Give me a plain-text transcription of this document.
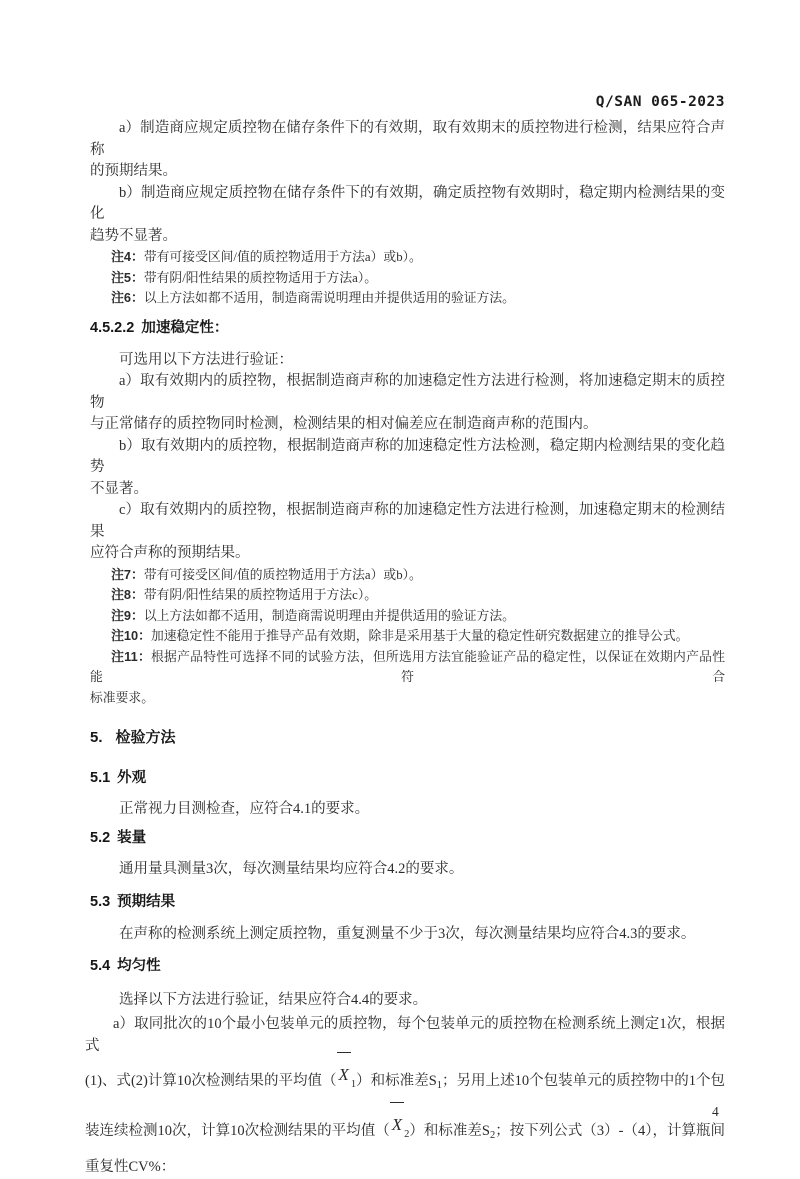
Q/SAN 065-2023
a）制造商应规定质控物在储存条件下的有效期，取有效期末的质控物进行检测，结果应符合声称
的预期结果。
b）制造商应规定质控物在储存条件下的有效期，确定质控物有效期时，稳定期内检测结果的变化
趋势不显著。
注4：带有可接受区间/值的质控物适用于方法a）或b）。
注5：带有阴/阳性结果的质控物适用于方法a）。
注6：以上方法如都不适用，制造商需说明理由并提供适用的验证方法。
4.5.2.2 加速稳定性：
可选用以下方法进行验证：
a）取有效期内的质控物，根据制造商声称的加速稳定性方法进行检测，将加速稳定期末的质控物
与正常储存的质控物同时检测，检测结果的相对偏差应在制造商声称的范围内。
b）取有效期内的质控物，根据制造商声称的加速稳定性方法检测，稳定期内检测结果的变化趋势
不显著。
c）取有效期内的质控物，根据制造商声称的加速稳定性方法进行检测，加速稳定期末的检测结果
应符合声称的预期结果。
注7：带有可接受区间/值的质控物适用于方法a）或b）。
注8：带有阴/阳性结果的质控物适用于方法c）。
注9：以上方法如都不适用，制造商需说明理由并提供适用的验证方法。
注10：加速稳定性不能用于推导产品有效期，除非是采用基于大量的稳定性研究数据建立的推导公式。
注11：根据产品特性可选择不同的试验方法，但所选用方法宜能验证产品的稳定性，以保证在效期内产品性能符合
标准要求。
5. 检验方法
5.1 外观
正常视力目测检查，应符合4.1的要求。
5.2 装量
通用量具测量3次，每次测量结果均应符合4.2的要求。
5.3 预期结果
在声称的检测系统上测定质控物，重复测量不少于3次，每次测量结果均应符合4.3的要求。
5.4 均匀性
选择以下方法进行验证，结果应符合4.4的要求。
a）取同批次的10个最小包装单元的质控物，每个包装单元的质控物在检测系统上测定1次，根据式
(1)、式(2)计算10次检测结果的平均值（ X1）和标准差$S_1$；另用上述10个包装单元的质控物中的1个包
装连续检测10次，计算10次检测结果的平均值（ X2）和标准差$S_2$；按下列公式（3）-（4），计算瓶间
重复性CV%：
4
